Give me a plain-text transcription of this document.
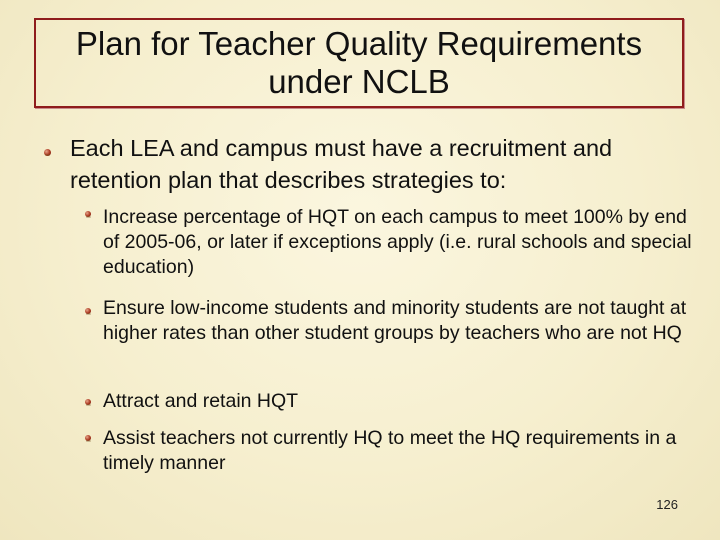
Plan for Teacher Quality Requirements under NCLB
Each LEA and campus must have a recruitment and retention plan that describes strategies to:
Increase percentage of HQT on each campus to meet 100% by end of 2005-06, or later if exceptions apply (i.e. rural schools and special education)
Ensure low-income students and minority students are not taught at higher rates than other student groups by teachers who are not HQ
Attract and retain HQT
Assist teachers not currently HQ to meet the HQ requirements in a timely manner
126
